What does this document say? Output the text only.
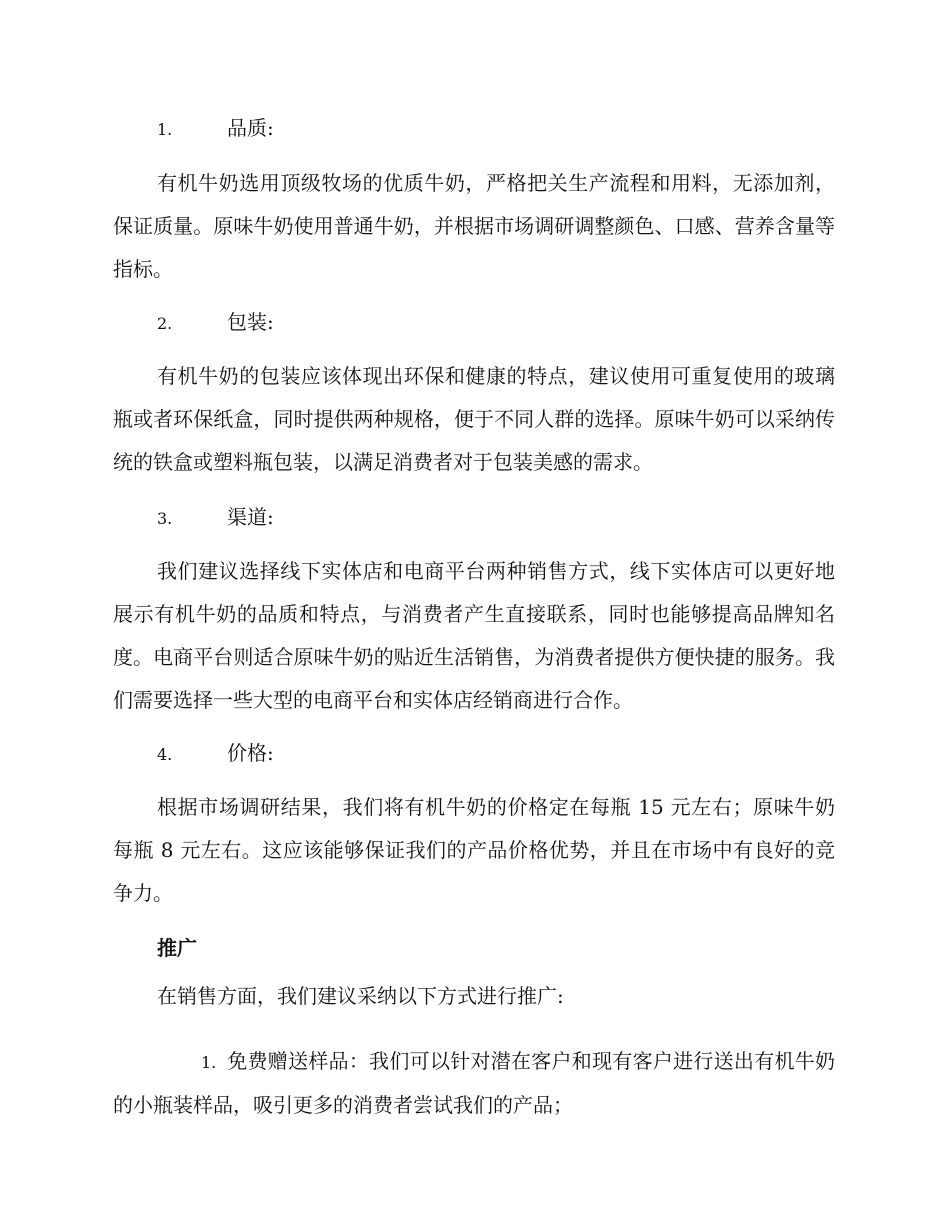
1.	品质:
有机牛奶选用顶级牧场的优质牛奶，严格把关生产流程和用料，无添加剂，保证质量。原味牛奶使用普通牛奶，并根据市场调研调整颜色、口感、营养含量等指标。
2.	包装:
有机牛奶的包装应该体现出环保和健康的特点，建议使用可重复使用的玻璃瓶或者环保纸盒，同时提供两种规格，便于不同人群的选择。原味牛奶可以采纳传统的铁盒或塑料瓶包装，以满足消费者对于包装美感的需求。
3.	渠道:
我们建议选择线下实体店和电商平台两种销售方式，线下实体店可以更好地展示有机牛奶的品质和特点，与消费者产生直接联系，同时也能够提高品牌知名度。电商平台则适合原味牛奶的贴近生活销售，为消费者提供方便快捷的服务。我们需要选择一些大型的电商平台和实体店经销商进行合作。
4.	价格:
根据市场调研结果，我们将有机牛奶的价格定在每瓶 15 元左右；原味牛奶每瓶 8 元左右。这应该能够保证我们的产品价格优势，并且在市场中有良好的竞争力。
推广
在销售方面，我们建议采纳以下方式进行推广:
1. 免费赠送样品：我们可以针对潜在客户和现有客户进行送出有机牛奶的小瓶装样品，吸引更多的消费者尝试我们的产品；
